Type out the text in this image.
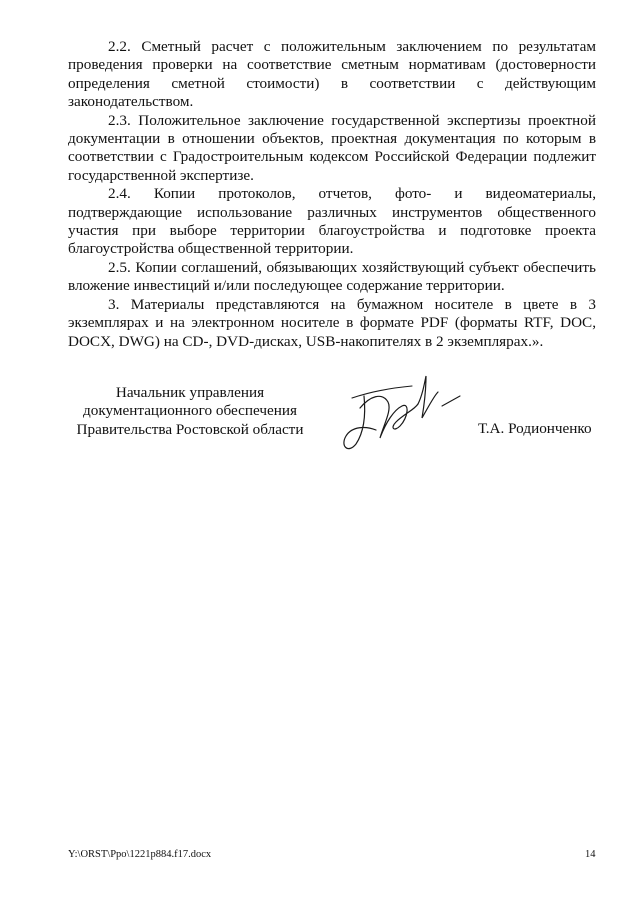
2.2. Сметный расчет с положительным заключением по результатам проведения проверки на соответствие сметным нормативам (достоверности определения сметной стоимости) в соответствии с действующим законодательством.

2.3. Положительное заключение государственной экспертизы проектной документации в отношении объектов, проектная документация по которым в соответствии с Градостроительным кодексом Российской Федерации подлежит государственной экспертизе.

2.4. Копии протоколов, отчетов, фото- и видеоматериалы, подтверждающие использование различных инструментов общественного участия при выборе территории благоустройства и подготовке проекта благоустройства общественной территории.

2.5. Копии соглашений, обязывающих хозяйствующий субъект обеспечить вложение инвестиций и/или последующее содержание территории.

3. Материалы представляются на бумажном носителе в цвете в 3 экземплярах и на электронном носителе в формате PDF (форматы RTF, DOC, DOCX, DWG) на CD-, DVD-дисках, USB-накопителях в 2 экземплярах.».

Начальник управления
документационного обеспечения
Правительства Ростовской области	Т.А. Родионченко
Y:\ORST\Ppo\1221p884.f17.docx	14
